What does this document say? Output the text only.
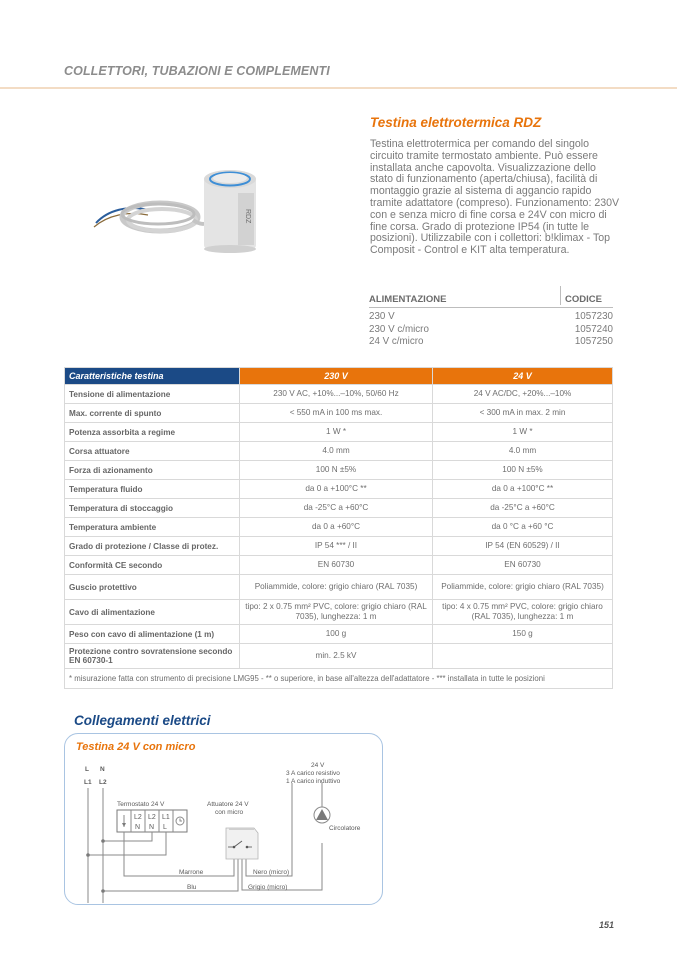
COLLETTORI, TUBAZIONI E COMPLEMENTI
RDZ
Testina elettrotermica RDZ
Testina elettrotermica per comando del singolo circuito tramite termostato ambiente. Può essere installata anche capovolta. Visualizzazione dello stato di funzionamento (aperta/chiusa), facilità di montaggio grazie al sistema di aggancio rapido tramite adattatore (compreso). Funzionamento: 230V con e senza micro di fine corsa e 24V con micro di fine corsa. Grado di protezione IP54 (in tutte le posizioni). Utilizzabile con i collettori: b!klimax - Top Composit - Control e KIT alta temperatura.
ALIMENTAZIONE	CODICE
230 V	1057230
230 V c/micro	1057240
24 V c/micro	1057250
Caratteristiche testina	230 V	24 V
Tensione di alimentazione	230 V AC, +10%...–10%, 50/60 Hz	24 V AC/DC, +20%...–10%
Max. corrente di spunto	< 550 mA in 100 ms max.	< 300 mA in max. 2 min
Potenza assorbita a regime	1 W *	1 W *
Corsa attuatore	4.0 mm	4.0 mm
Forza di azionamento	100 N ±5%	100 N ±5%
Temperatura fluido	da 0 a +100°C **	da 0 a +100°C **
Temperatura di stoccaggio	da -25°C a +60°C	da -25°C a +60°C
Temperatura ambiente	da 0 a +60°C	da 0 °C a +60 °C
Grado di protezione / Classe di protez.	IP 54 *** / II	IP 54 (EN 60529) / II
Conformità CE secondo	EN 60730	EN 60730
Guscio protettivo	Poliammide, colore: grigio chiaro (RAL 7035)	Poliammide, colore: grigio chiaro (RAL 7035)
Cavo di alimentazione	tipo: 2 x 0.75 mm² PVC, colore: grigio chiaro (RAL 7035), lunghezza: 1 m	tipo: 4 x 0.75 mm² PVC, colore: grigio chiaro (RAL 7035), lunghezza: 1 m
Peso con cavo di alimentazione (1 m)	100 g	150 g
Protezione contro sovratensione secondo EN 60730-1	min. 2.5 kV	
* misurazione fatta con strumento di precisione LMG95 - ** o superiore, in base all'altezza dell'adattatore - *** installata in tutte le posizioni		
Collegamenti elettrici
Testina 24 V con micro
L N
L1 L2
Termostato 24 V	Attuatore 24 V
con micro
24 V
3 A carico resistivo
1 A carico induttivo
Circolatore
Marrone
Blu
Nero (micro)
Grigio (micro)
L2
N
L2
N
L1
L
151
